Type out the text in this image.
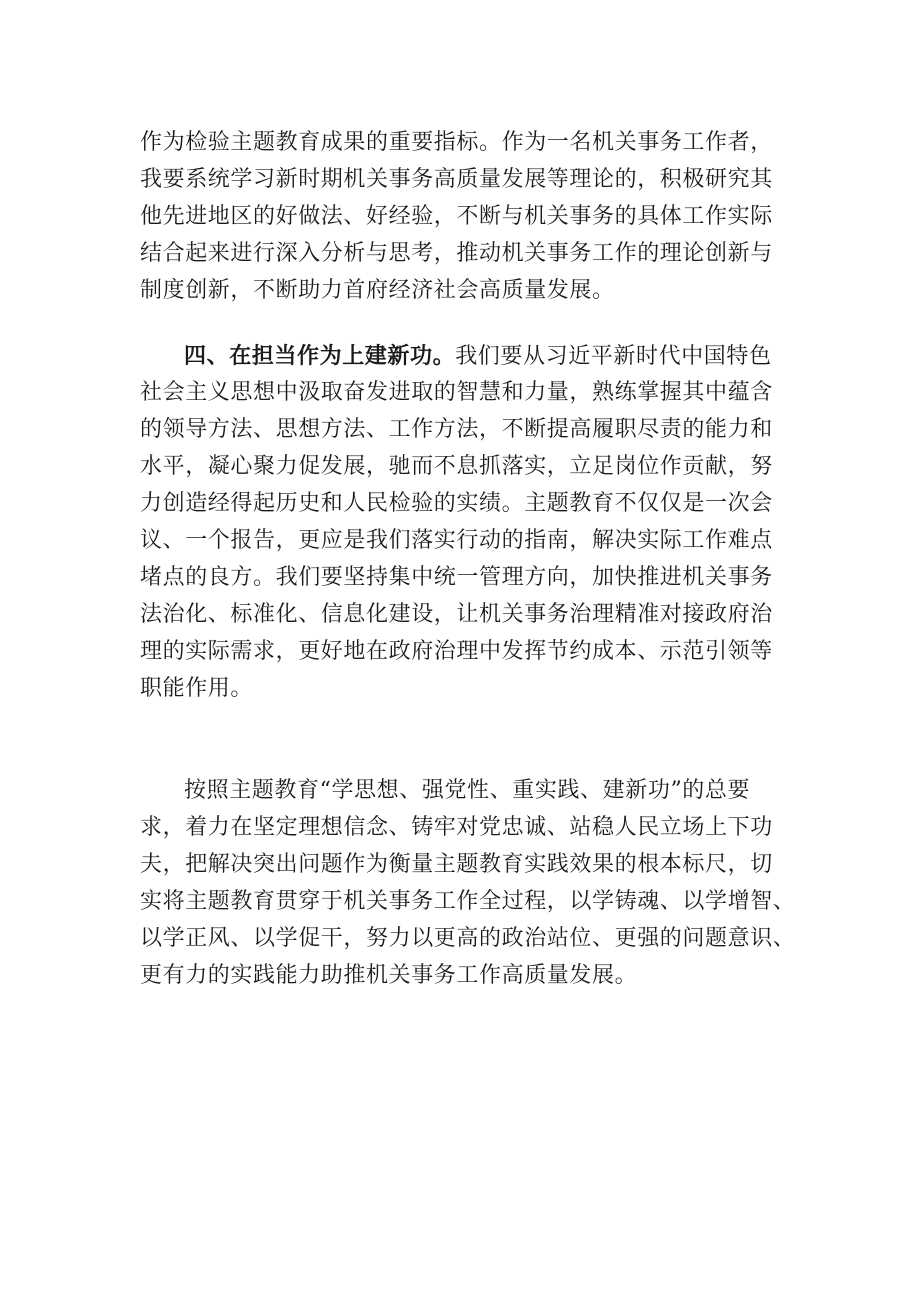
作为检验主题教育成果的重要指标。作为一名机关事务工作者，
我要系统学习新时期机关事务高质量发展等理论的，积极研究其
他先进地区的好做法、好经验，不断与机关事务的具体工作实际
结合起来进行深入分析与思考，推动机关事务工作的理论创新与
制度创新，不断助力首府经济社会高质量发展。
四、在担当作为上建新功。我们要从习近平新时代中国特色
社会主义思想中汲取奋发进取的智慧和力量，熟练掌握其中蕴含
的领导方法、思想方法、工作方法，不断提高履职尽责的能力和
水平，凝心聚力促发展，驰而不息抓落实，立足岗位作贡献，努
力创造经得起历史和人民检验的实绩。主题教育不仅仅是一次会
议、一个报告，更应是我们落实行动的指南，解决实际工作难点
堵点的良方。我们要坚持集中统一管理方向，加快推进机关事务
法治化、标准化、信息化建设，让机关事务治理精准对接政府治
理的实际需求，更好地在政府治理中发挥节约成本、示范引领等
职能作用。
按照主题教育“学思想、强党性、重实践、建新功”的总要
求，着力在坚定理想信念、铸牢对党忠诚、站稳人民立场上下功
夫，把解决突出问题作为衡量主题教育实践效果的根本标尺，切
实将主题教育贯穿于机关事务工作全过程，以学铸魂、以学增智、
以学正风、以学促干，努力以更高的政治站位、更强的问题意识、
更有力的实践能力助推机关事务工作高质量发展。
